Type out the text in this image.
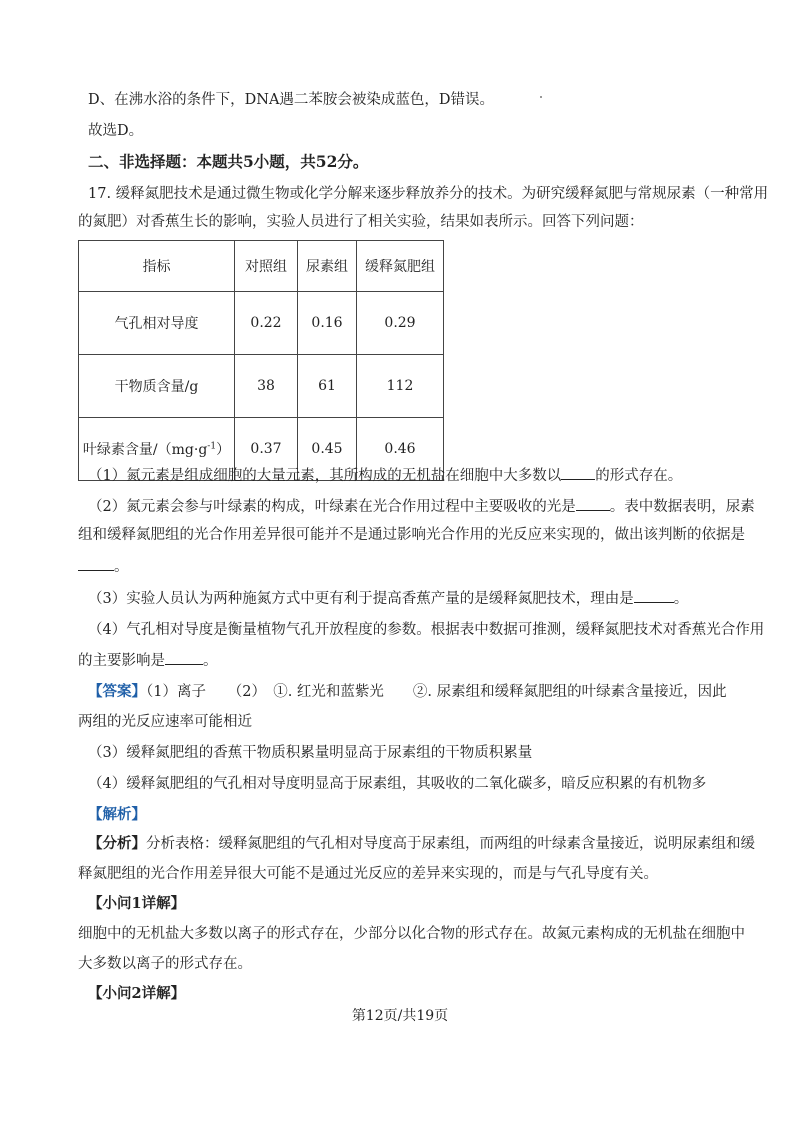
D、在沸水浴的条件下，DNA遇二苯胺会被染成蓝色，D错误。
故选D。
二、非选择题：本题共5小题，共52分。
17. 缓释氮肥技术是通过微生物或化学分解来逐步释放养分的技术。为研究缓释氮肥与常规尿素（一种常用
的氮肥）对香蕉生长的影响，实验人员进行了相关实验，结果如表所示。回答下列问题：
指标	对照组	尿素组	缓释氮肥组
气孔相对导度	0.22	0.16	0.29
干物质含量/g	38	61	112
叶绿素含量$/(mg\cdot g^{-1})$	0.37	0.45	0.46
（1）氮元素是组成细胞的大量元素，其所构成的无机盐在细胞中大多数以 的形式存在。
（2）氮元素会参与叶绿素的构成，叶绿素在光合作用过程中主要吸收的光是 。表中数据表明，尿素
组和缓释氮肥组的光合作用差异很可能并不是通过影响光合作用的光反应来实现的，做出该判断的依据是
。
（3）实验人员认为两种施氮方式中更有利于提高香蕉产量的是缓释氮肥技术，理由是	。
（4）气孔相对导度是衡量植物气孔开放程度的参数。根据表中数据可推测，缓释氮肥技术对香蕉光合作用
的主要影响是	。
【答案】（1）离子　　（2）　①. 红光和蓝紫光　　②. 尿素组和缓释氮肥组的叶绿素含量接近，因此
两组的光反应速率可能相近
（3）缓释氮肥组的香蕉干物质积累量明显高于尿素组的干物质积累量
（4）缓释氮肥组的气孔相对导度明显高于尿素组，其吸收的二氧化碳多，暗反应积累的有机物多
【解析】
【分析】分析表格：缓释氮肥组的气孔相对导度高于尿素组，而两组的叶绿素含量接近，说明尿素组和缓
释氮肥组的光合作用差异很大可能不是通过光反应的差异来实现的，而是与气孔导度有关。
【小问1详解】
细胞中的无机盐大多数以离子的形式存在，少部分以化合物的形式存在。故氮元素构成的无机盐在细胞中
大多数以离子的形式存在。
【小问2详解】
第12页/共19页
